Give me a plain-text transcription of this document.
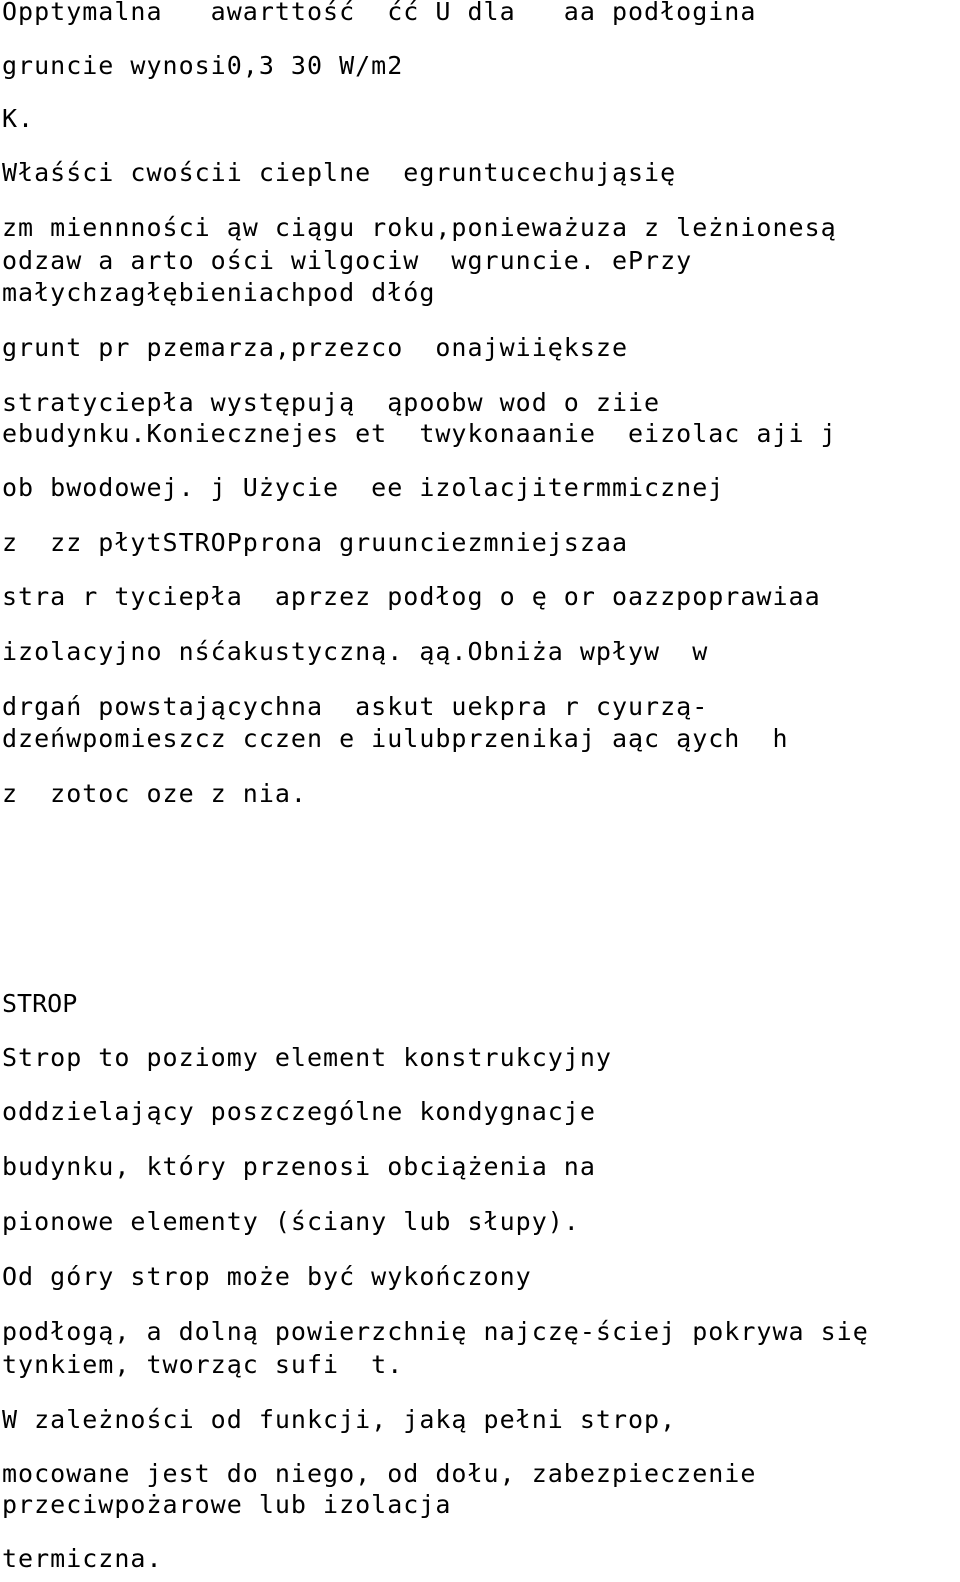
Opptymalna   awarttość  ćć U dla   aa podłogina
gruncie wynosi0,3 30 W/m2
K.
Właśści cwościi cieplne  egruntucechująsię
zm miennności ąw ciągu roku,ponieważuza z leżnionesą
odzaw a arto ości wilgociw  wgruncie. ePrzy
małychzagłębieniachpod dłóg
grunt pr pzemarza,przezco  onajwiiększe
stratyciepła występują  ąpoobw wod o ziie
ebudynku.Koniecznejes et  twykonaanie  eizolac aji j
ob bwodowej. j Użycie  ee izolacjitermmicznej
z  zz płytSTROPprona gruunciezmniejszaa
stra r tyciepła  aprzez podłog o ę or oazzpoprawiaa
izolacyjno nśćakustyczną. ąą.Obniża wpływ  w
drgań powstającychna  askut uekpra r cyurzą-
dzeńwpomieszcz cczen e iulubprzenikaj aąc ąych  h
z  zotoc oze z nia.
STROP
Strop to poziomy element konstrukcyjny
oddzielający poszczególne kondygnacje
budynku, który przenosi obciążenia na
pionowe elementy (ściany lub słupy).
Od góry strop może być wykończony
podłogą, a dolną powierzchnię najczę-ściej pokrywa się
tynkiem, tworząc sufi  t.
W zależności od funkcji, jaką pełni strop,
mocowane jest do niego, od dołu, zabezpieczenie
przeciwpożarowe lub izolacja
termiczna.
